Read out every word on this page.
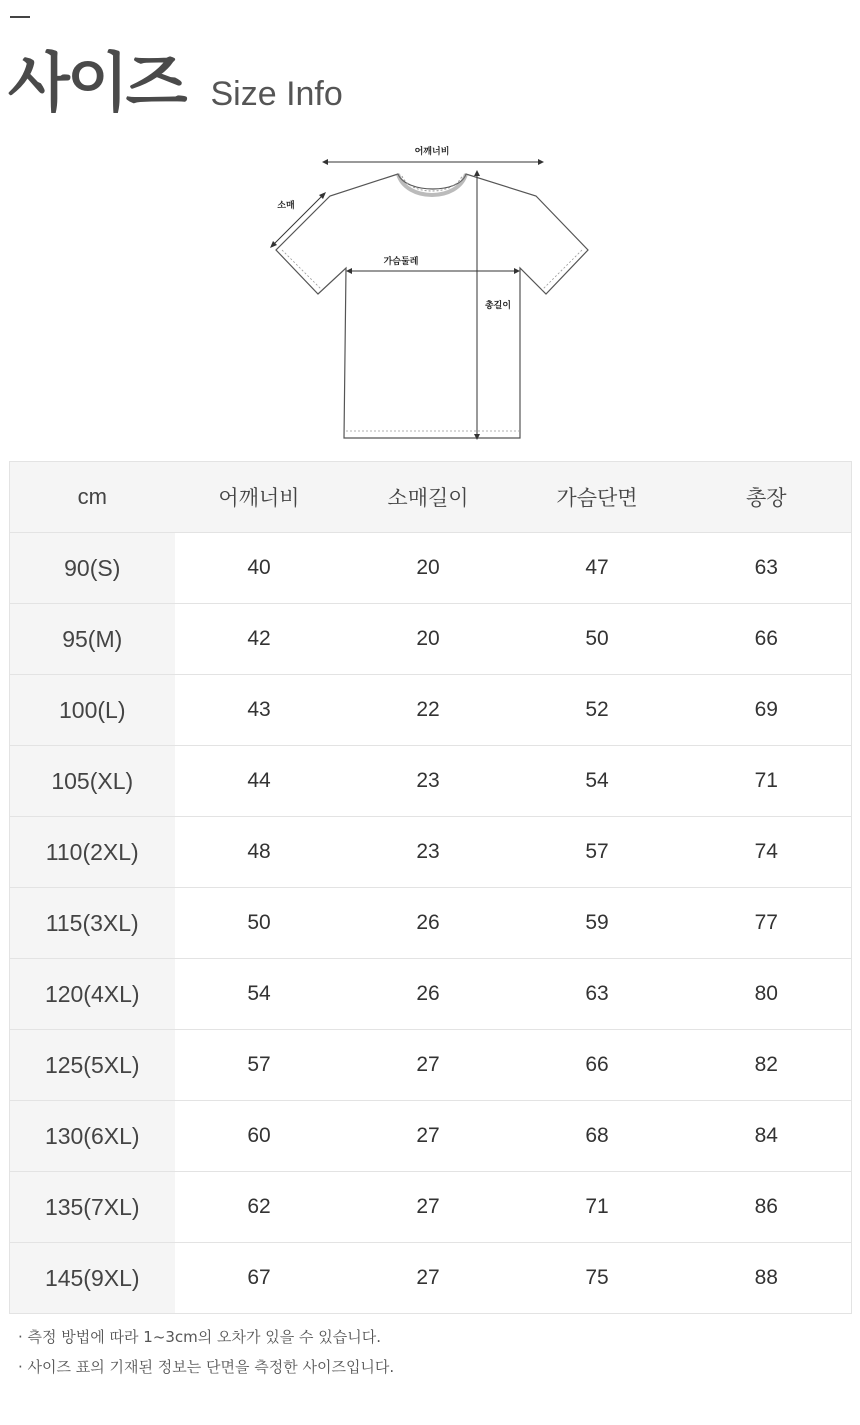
사이즈 Size Info
어깨너비
소매
가슴둘레
총길이
cm	어깨너비	소매길이	가슴단면	총장
90(S)	40	20	47	63
95(M)	42	20	50	66
100(L)	43	22	52	69
105(XL)	44	23	54	71
110(2XL)	48	23	57	74
115(3XL)	50	26	59	77
120(4XL)	54	26	63	80
125(5XL)	57	27	66	82
130(6XL)	60	27	68	84
135(7XL)	62	27	71	86
145(9XL)	67	27	75	88
· 측정 방법에 따라 1~3cm의 오차가 있을 수 있습니다.
· 사이즈 표의 기재된 정보는 단면을 측정한 사이즈입니다.
